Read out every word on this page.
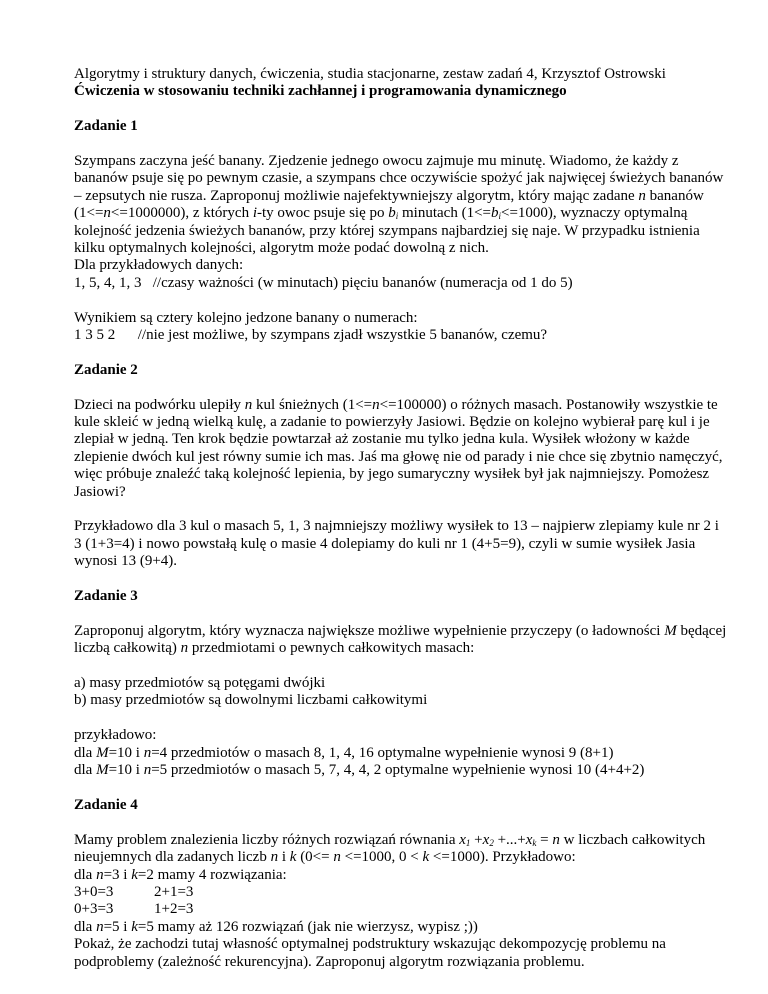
Algorytmy i struktury danych, ćwiczenia, studia stacjonarne, zestaw zadań 4, Krzysztof Ostrowski

Ćwiczenia w stosowaniu techniki zachłannej i programowania dynamicznego

Zadanie 1

Szympans zaczyna jeść banany. Zjedzenie jednego owocu zajmuje mu minutę. Wiadomo, że każdy z bananów psuje się po pewnym czasie, a szympans chce oczywiście spożyć jak najwięcej świeżych bananów – zepsutych nie rusza. Zaproponuj możliwie najefektywniejszy algorytm, który mając zadane n bananów (1<=n<=1000000), z których i-ty owoc psuje się po $b_i$ minutach $(1<=b_i<=1000)$, wyznaczy optymalną kolejność jedzenia świeżych bananów, przy której szympans najbardziej się naje. W przypadku istnienia kilku optymalnych kolejności, algorytm może podać dowolną z nich.
Dla przykładowych danych:

1, 5, 4, 1, 3   //czasy ważności (w minutach) pięciu bananów (numeracja od 1 do 5)

Wynikiem są cztery kolejno jedzone banany o numerach:

1 3 5 2      //nie jest możliwe, by szympans zjadł wszystkie 5 bananów, czemu?

Zadanie 2

Dzieci na podwórku ulepiły n kul śnieżnych (1<=n<=100000) o różnych masach. Postanowiły wszystkie te kule skleić w jedną wielką kulę, a zadanie to powierzyły Jasiowi. Będzie on kolejno wybierał parę kul i je zlepiał w jedną. Ten krok będzie powtarzał aż zostanie mu tylko jedna kula. Wysiłek włożony w każde zlepienie dwóch kul jest równy sumie ich mas. Jaś ma głowę nie od parady i nie chce się zbytnio namęczyć, więc próbuje znaleźć taką kolejność lepienia, by jego sumaryczny wysiłek był jak najmniejszy. Pomożesz Jasiowi?

Przykładowo dla 3 kul o masach 5, 1, 3 najmniejszy możliwy wysiłek to 13 – najpierw zlepiamy kule nr 2 i 3 (1+3=4) i nowo powstałą kulę o masie 4 dolepiamy do kuli nr 1 (4+5=9), czyli w sumie wysiłek Jasia wynosi 13 (9+4).

Zadanie 3

Zaproponuj algorytm, który wyznacza największe możliwe wypełnienie przyczepy (o ładowności M będącej liczbą całkowitą) n przedmiotami o pewnych całkowitych masach:

a) masy przedmiotów są potęgami dwójki

b) masy przedmiotów są dowolnymi liczbami całkowitymi

przykładowo:
dla M=10 i n=4 przedmiotów o masach 8, 1, 4, 16 optymalne wypełnienie wynosi 9 (8+1)

dla M=10 i n=5 przedmiotów o masach 5, 7, 4, 4, 2 optymalne wypełnienie wynosi 10 (4+4+2)

Zadanie 4

Mamy problem znalezienia liczby różnych rozwiązań równania $x_1 +x_2 +...+x_k = n$ w liczbach całkowitych nieujemnych dla zadanych liczb n i k (0<= n <=1000, 0 < k <=1000). Przykładowo:
dla n=3 i k=2 mamy 4 rozwiązania:
3+0=3	2+1=3
0+3=3	1+2=3
dla n=5 i k=5 mamy aż 126 rozwiązań (jak nie wierzysz, wypisz ;))
Pokaż, że zachodzi tutaj własność optymalnej podstruktury wskazując dekompozycję problemu na podproblemy (zależność rekurencyjna). Zaproponuj algorytm rozwiązania problemu.
